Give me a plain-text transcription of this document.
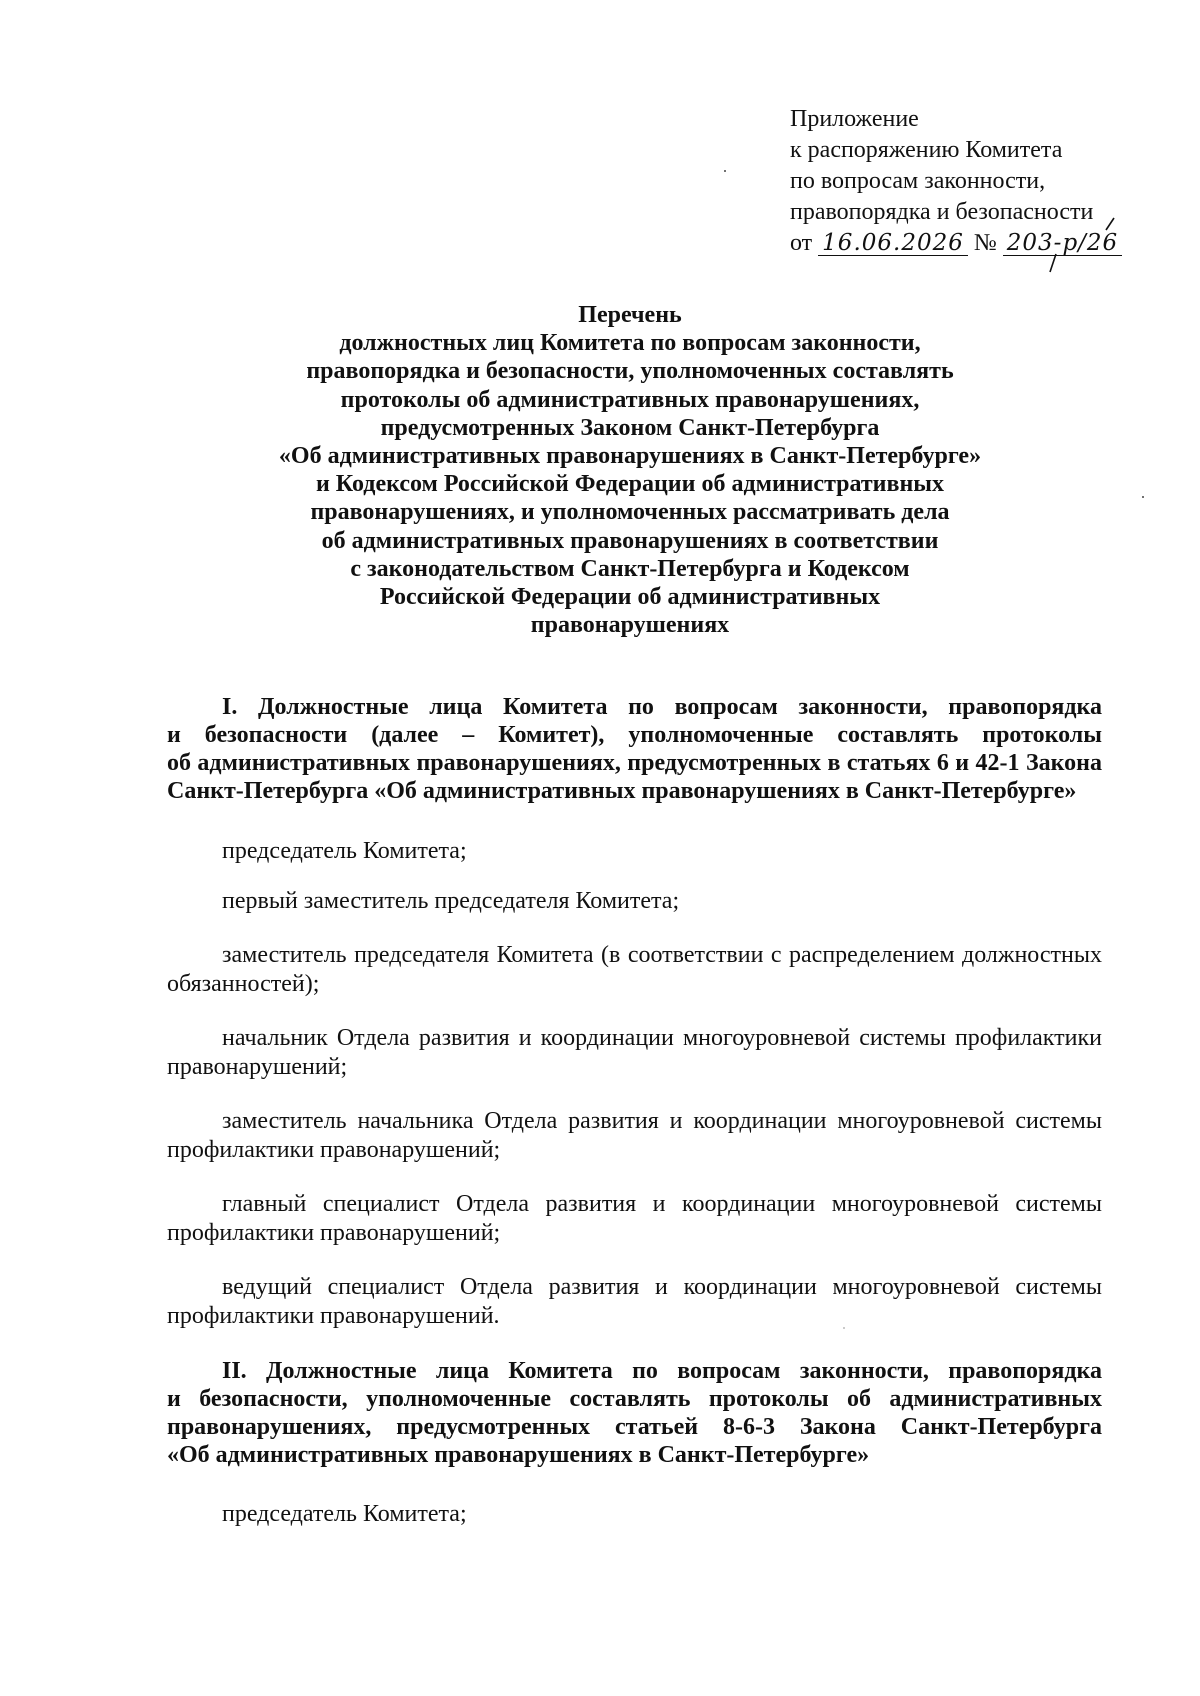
Приложение
к распоряжению Комитета
по вопросам законности,
правопорядка и безопасности
от 16.06.2026 № 203-р/26
Перечень
должностных лиц Комитета по вопросам законности,
правопорядка и безопасности, уполномоченных составлять
протоколы об административных правонарушениях,
предусмотренных Законом Санкт-Петербурга
«Об административных правонарушениях в Санкт-Петербурге»
и Кодексом Российской Федерации об административных
правонарушениях, и уполномоченных рассматривать дела
об административных правонарушениях в соответствии
с законодательством Санкт-Петербурга и Кодексом
Российской Федерации об административных
правонарушениях
I. Должностные лица Комитета по вопросам законности, правопорядка
и безопасности (далее – Комитет), уполномоченные составлять протоколы
об административных правонарушениях, предусмотренных в статьях 6 и 42-1 Закона
Санкт-Петербурга «Об административных правонарушениях в Санкт-Петербурге»
председатель Комитета;
первый заместитель председателя Комитета;
заместитель председателя Комитета (в соответствии с распределением должностных
обязанностей);
начальник Отдела развития и координации многоуровневой системы профилактики
правонарушений;
заместитель начальника Отдела развития и координации многоуровневой системы
профилактики правонарушений;
главный специалист Отдела развития и координации многоуровневой системы
профилактики правонарушений;
ведущий специалист Отдела развития и координации многоуровневой системы
профилактики правонарушений.
II. Должностные лица Комитета по вопросам законности, правопорядка
и безопасности, уполномоченные составлять протоколы об административных
правонарушениях, предусмотренных статьей 8-6-3 Закона Санкт-Петербурга
«Об административных правонарушениях в Санкт-Петербурге»
председатель Комитета;
